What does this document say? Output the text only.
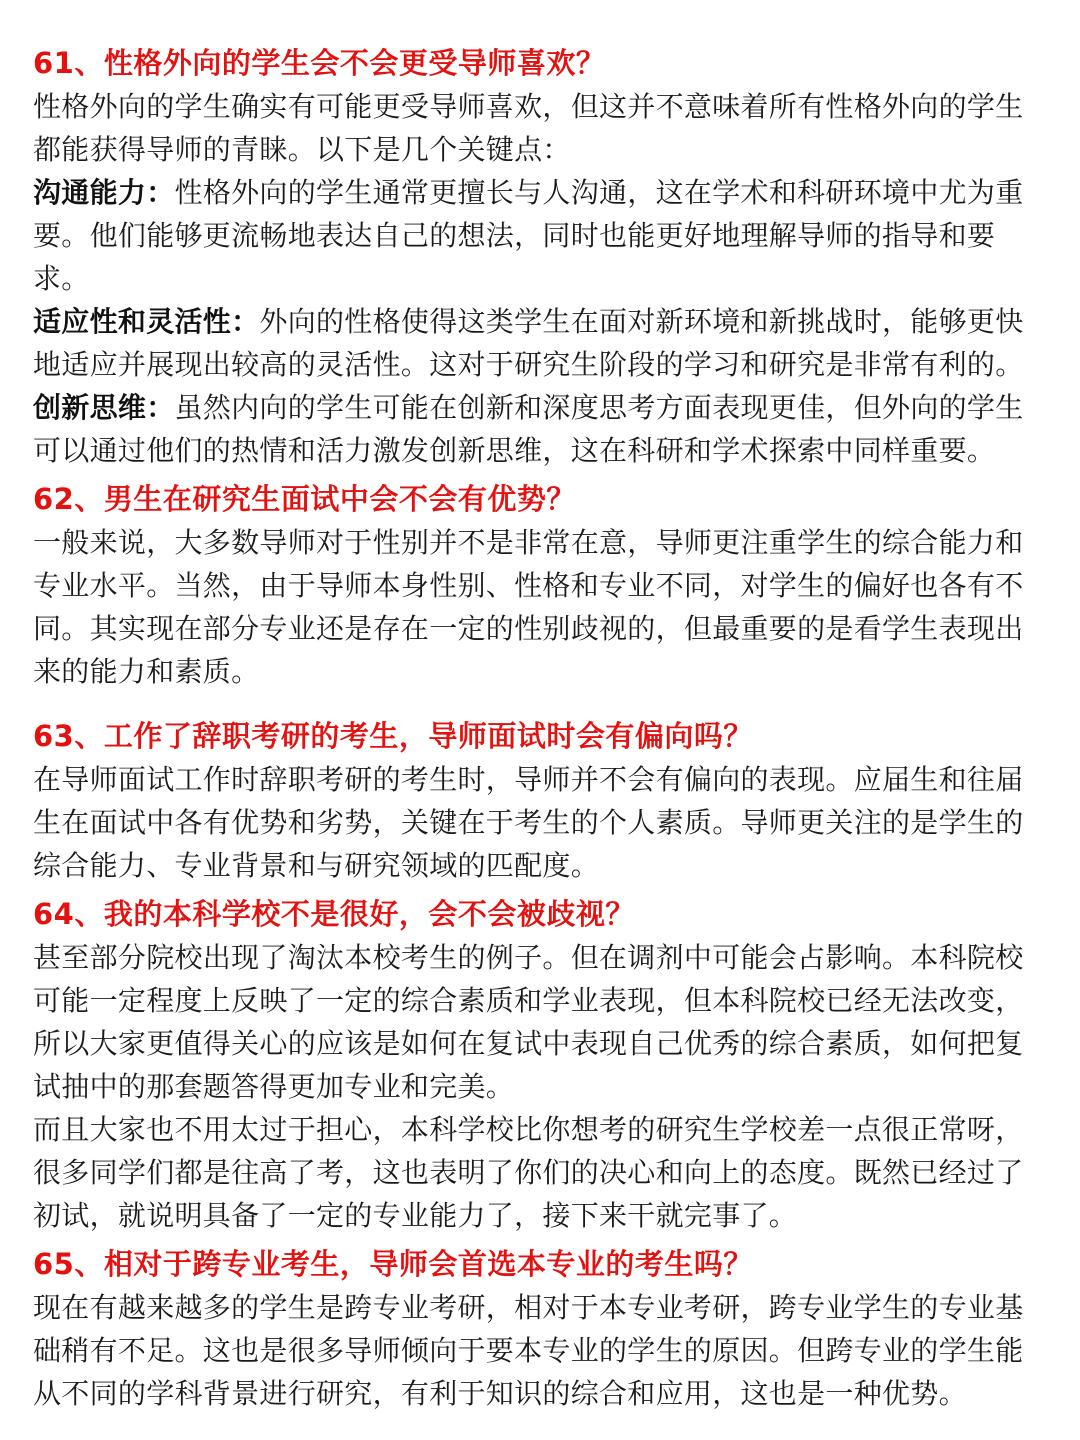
61、性格外向的学生会不会更受导师喜欢？

性格外向的学生确实有可能更受导师喜欢，但这并不意味着所有性格外向的学生都能获得导师的青睐。以下是几个关键点：

沟通能力：性格外向的学生通常更擅长与人沟通，这在学术和科研环境中尤为重要。他们能够更流畅地表达自己的想法，同时也能更好地理解导师的指导和要求。

适应性和灵活性：外向的性格使得这类学生在面对新环境和新挑战时，能够更快地适应并展现出较高的灵活性。这对于研究生阶段的学习和研究是非常有利的。

创新思维：虽然内向的学生可能在创新和深度思考方面表现更佳，但外向的学生可以通过他们的热情和活力激发创新思维，这在科研和学术探索中同样重要。

62、男生在研究生面试中会不会有优势？

一般来说，大多数导师对于性别并不是非常在意，导师更注重学生的综合能力和专业水平。当然，由于导师本身性别、性格和专业不同，对学生的偏好也各有不同。其实现在部分专业还是存在一定的性别歧视的，但最重要的是看学生表现出来的能力和素质。

63、工作了辞职考研的考生，导师面试时会有偏向吗？

在导师面试工作时辞职考研的考生时，导师并不会有偏向的表现。应届生和往届生在面试中各有优势和劣势，关键在于考生的个人素质。导师更关注的是学生的综合能力、专业背景和与研究领域的匹配度。

64、我的本科学校不是很好，会不会被歧视？

甚至部分院校出现了淘汰本校考生的例子。但在调剂中可能会占影响。本科院校可能一定程度上反映了一定的综合素质和学业表现，但本科院校已经无法改变，所以大家更值得关心的应该是如何在复试中表现自己优秀的综合素质，如何把复试抽中的那套题答得更加专业和完美。

而且大家也不用太过于担心，本科学校比你想考的研究生学校差一点很正常呀，很多同学们都是往高了考，这也表明了你们的决心和向上的态度。既然已经过了初试，就说明具备了一定的专业能力了，接下来干就完事了。

65、相对于跨专业考生，导师会首选本专业的考生吗？

现在有越来越多的学生是跨专业考研，相对于本专业考研，跨专业学生的专业基础稍有不足。这也是很多导师倾向于要本专业的学生的原因。但跨专业的学生能从不同的学科背景进行研究，有利于知识的综合和应用，这也是一种优势。
